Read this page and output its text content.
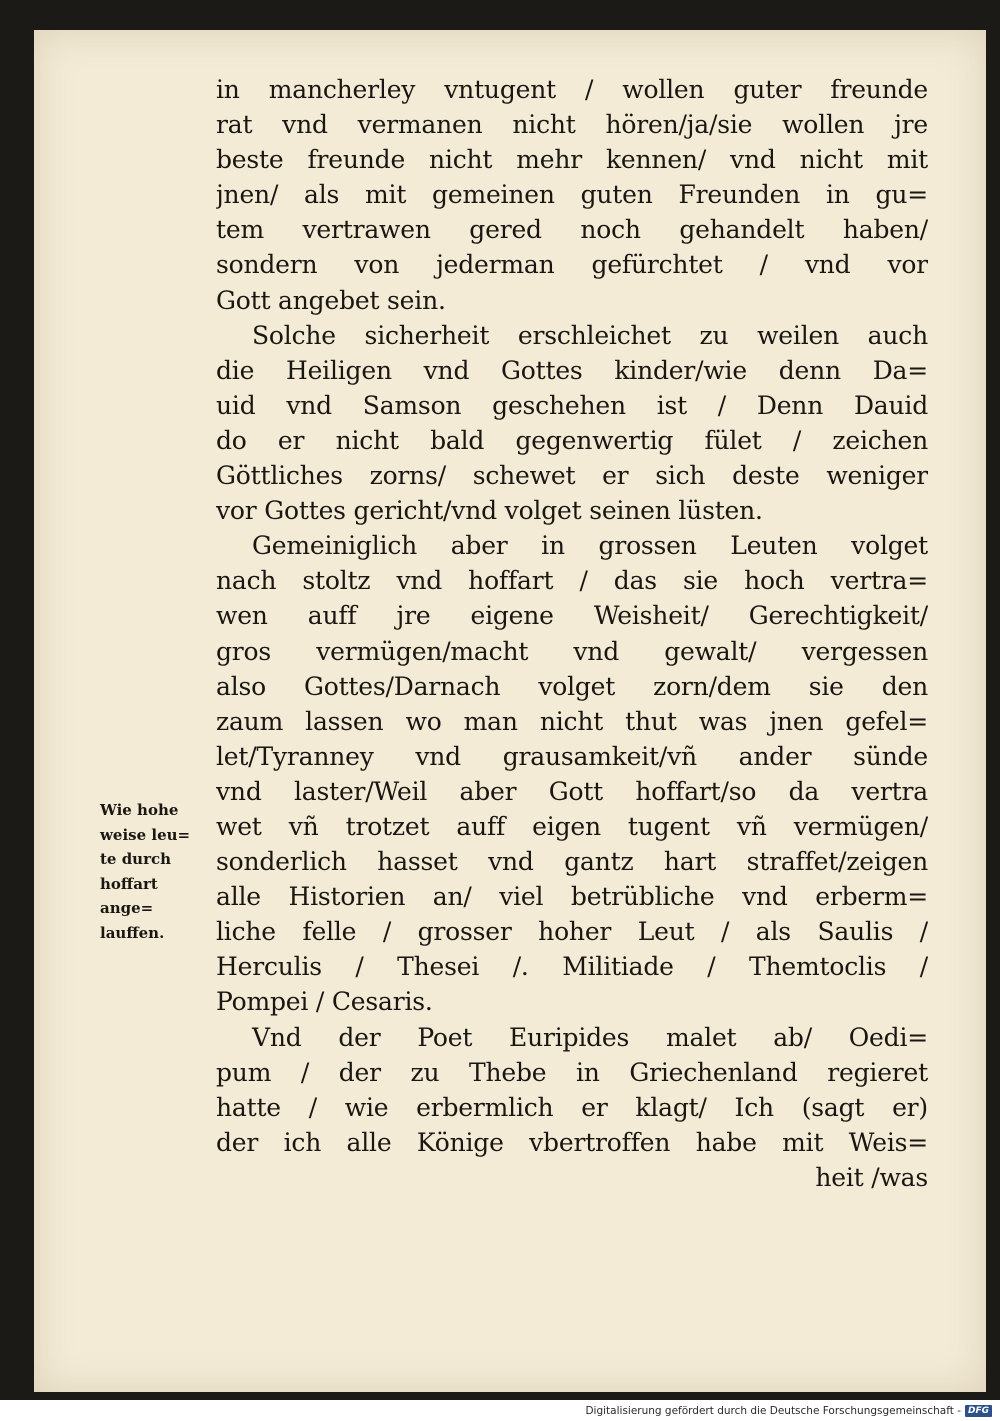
in mancherley vntugent / wollen guter freunde
rat vnd vermanen nicht hören/ja/sie wollen jre
beste freunde nicht mehr kennen/ vnd nicht mit
jnen/ als mit gemeinen guten Freunden in gu=
tem vertrawen gered noch gehandelt haben/
sondern von jederman gefürchtet / vnd vor
Gott angebet sein.
Solche sicherheit erschleichet zu weilen auch
die Heiligen vnd Gottes kinder/wie denn Da=
uid vnd Samson geschehen ist / Denn Dauid
do er nicht bald gegenwertig fület / zeichen
Göttliches zorns/ schewet er sich deste weniger
vor Gottes gericht/vnd volget seinen lüsten.
Gemeiniglich aber in grossen Leuten volget
nach stoltz vnd hoffart / das sie hoch vertra=
wen auff jre eigene Weisheit/ Gerechtigkeit/
gros vermügen/macht vnd gewalt/ vergessen
also Gottes/Darnach volget zorn/dem sie den
zaum lassen wo man nicht thut was jnen gefel=
let/Tyranney vnd grausamkeit/vñ ander sünde
vnd laster/Weil aber Gott hoffart/so da vertra
wet vñ trotzet auff eigen tugent vñ vermügen/
sonderlich hasset vnd gantz hart straffet/zeigen
alle Historien an/ viel betrübliche vnd erberm=
liche felle / grosser hoher Leut / als Saulis /
Herculis / Thesei /. Militiade / Themtoclis /
Pompei / Cesaris.
Vnd der Poet Euripides malet ab/ Oedi=
pum / der zu Thebe in Griechenland regieret
hatte / wie erbermlich er klagt/ Ich (sagt er)
der ich alle Könige vbertroffen habe mit Weis=
heit /was
Wie hohe
weise leu=
te durch
hoffart
ange=
lauffen.
Digitalisierung gefördert durch die Deutsche Forschungsgemeinschaft - DFG
